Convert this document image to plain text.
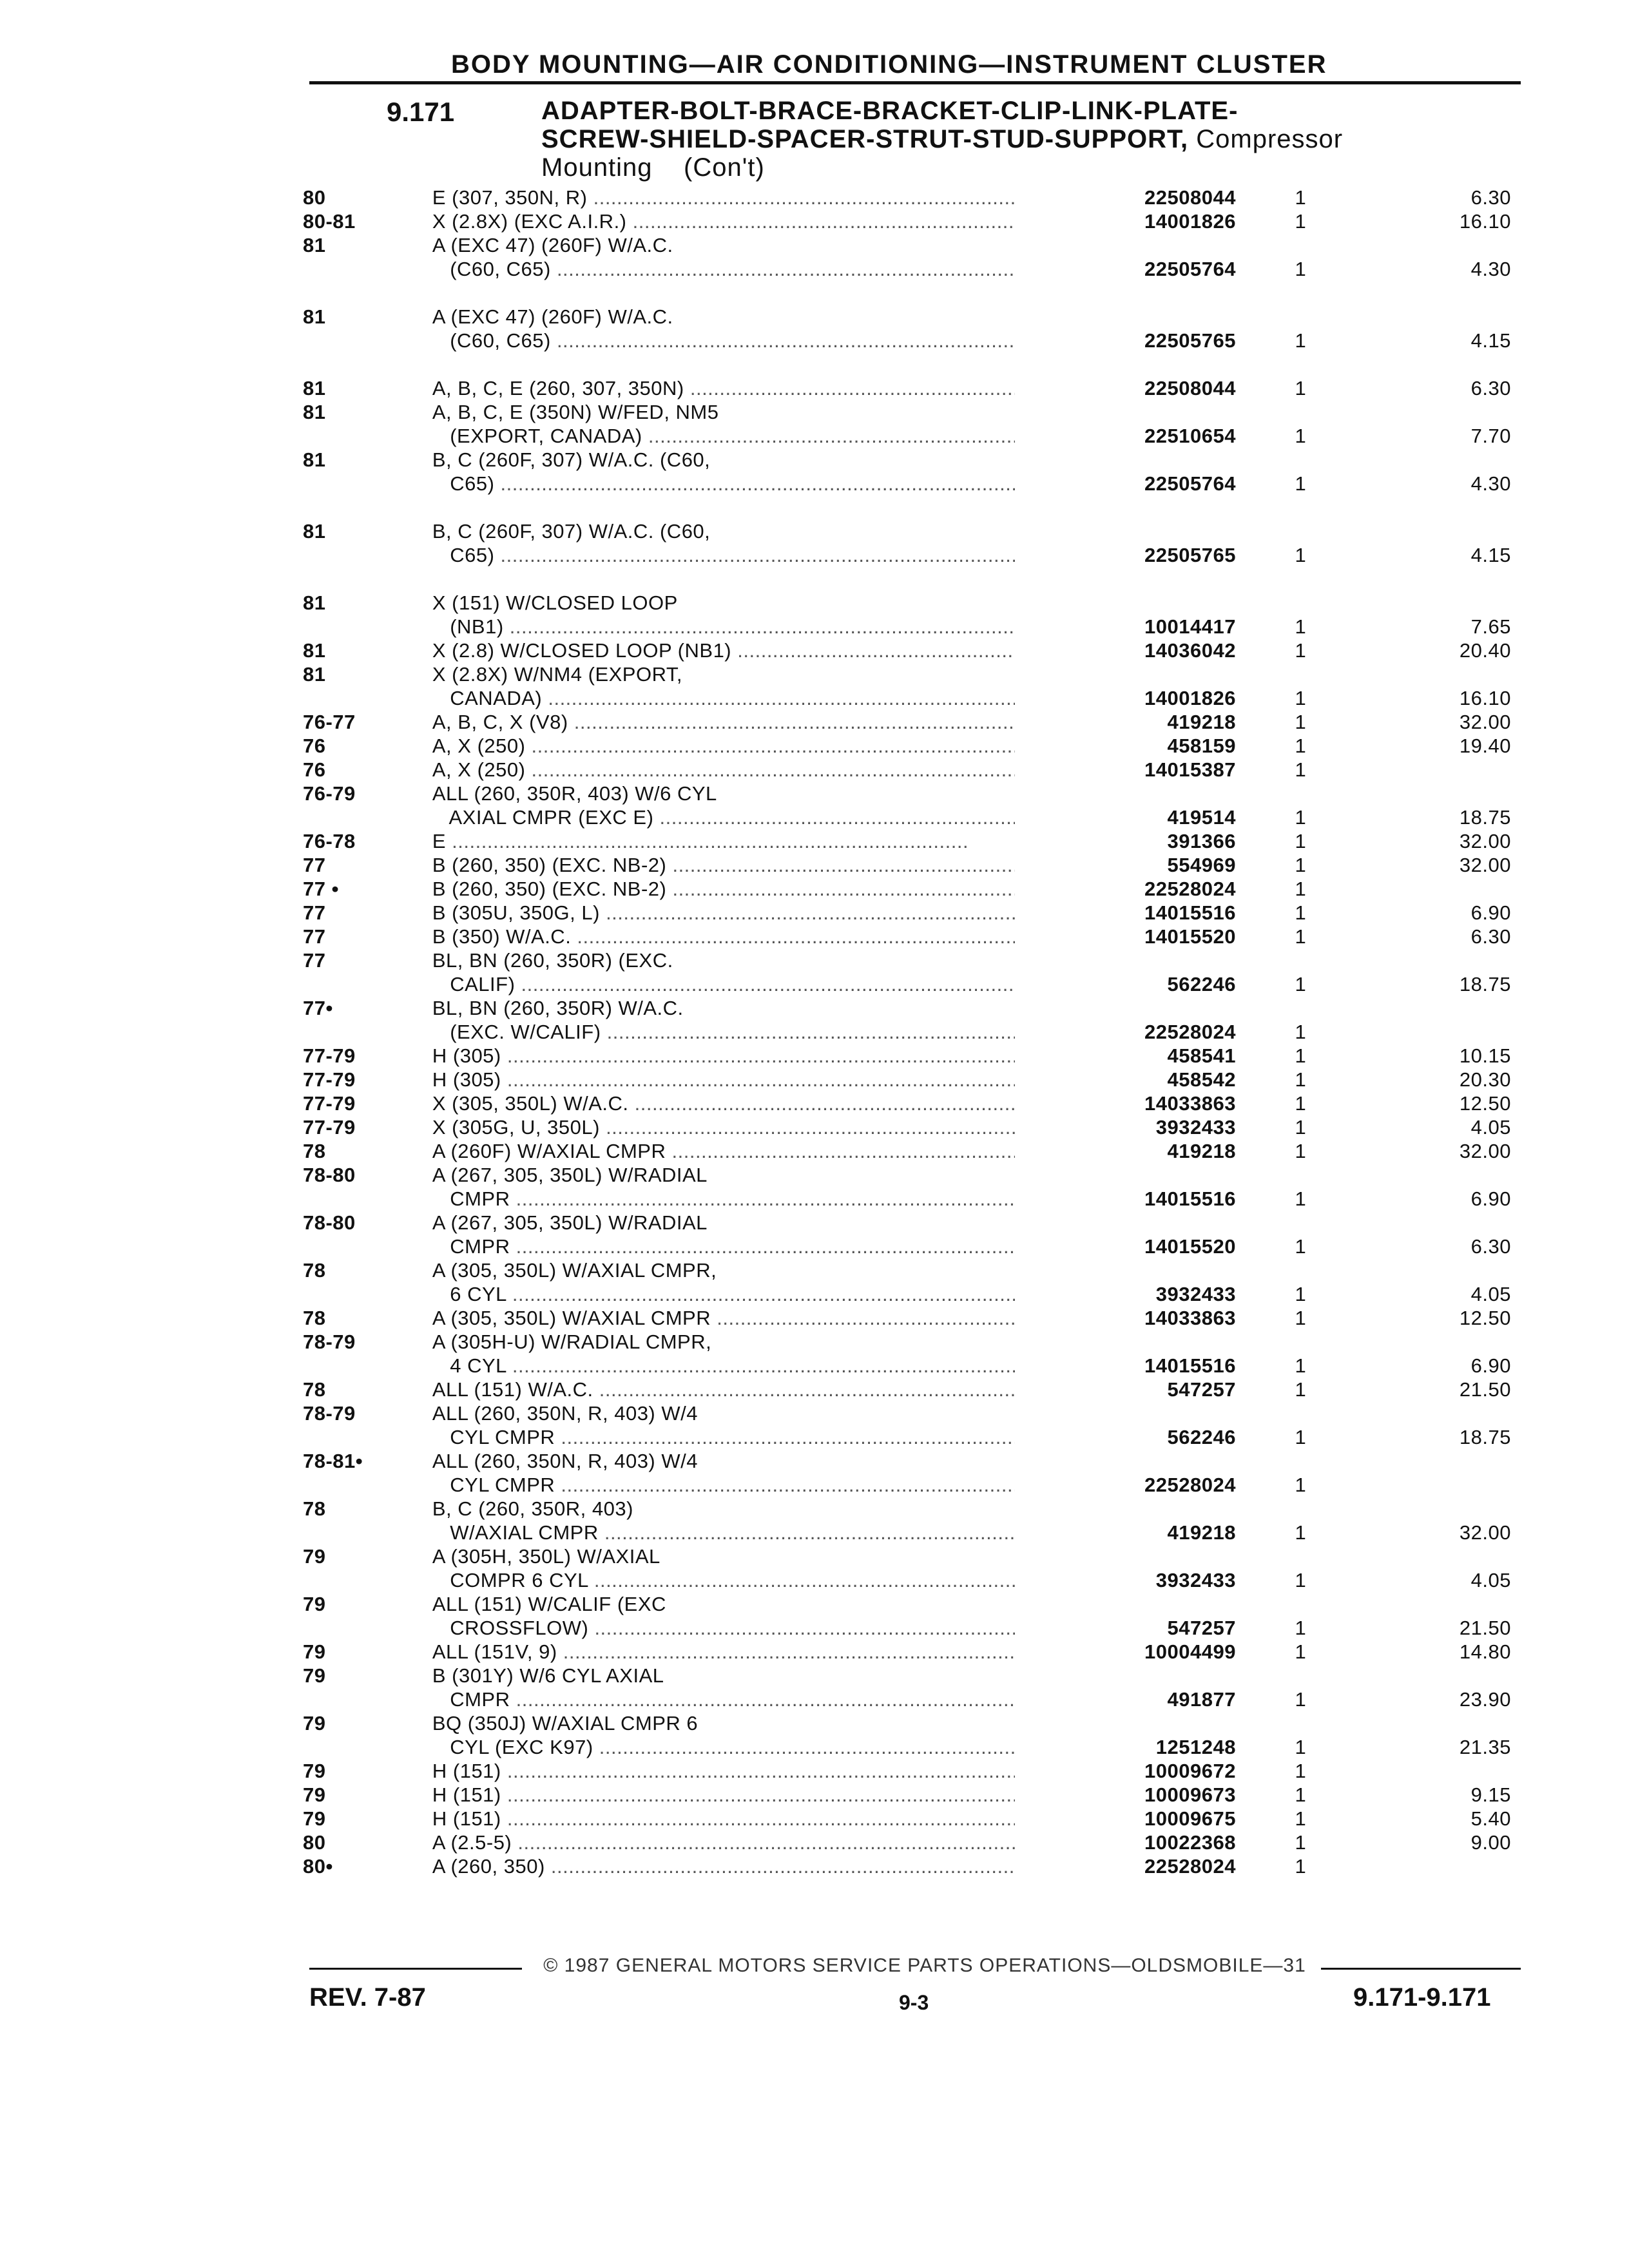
BODY MOUNTING—AIR CONDITIONING—INSTRUMENT CLUSTER
9.171	ADAPTER-BOLT-BRACE-BRACKET-CLIP-LINK-PLATE-
SCREW-SHIELD-SPACER-STRUT-STUD-SUPPORT, Compressor
Mounting    (Con't)
80	E (307, 350N, R) .....	22508044	1	6.30	
80-81	X (2.8X) (EXC A.I.R.) .....	14001826	1	16.10	
81	A (EXC 47) (260F) W/A.C.				
	(C60, C65) .....	22505764	1	4.30	

81	A (EXC 47) (260F) W/A.C.				
	(C60, C65) .....	22505765	1	4.15	

81	A, B, C, E (260, 307, 350N) .....	22508044	1	6.30	
81	A, B, C, E (350N) W/FED, NM5				
	(EXPORT, CANADA) .....	22510654	1	7.70	
81	B, C (260F, 307) W/A.C. (C60,				
	C65) .....	22505764	1	4.30	

81	B, C (260F, 307) W/A.C. (C60,				
	C65) .....	22505765	1	4.15	

81	X (151) W/CLOSED LOOP				
	(NB1) .....	10014417	1	7.65	
81	X (2.8) W/CLOSED LOOP (NB1) .....	14036042	1	20.40	
81	X (2.8X) W/NM4 (EXPORT,				
	CANADA) .....	14001826	1	16.10	
76-77	A, B, C, X (V8) .....	419218	1	32.00	
76	A, X (250) .....	458159	1	19.40	
76	A, X (250) .....	14015387	1		
76-79	ALL (260, 350R, 403) W/6 CYL				
	AXIAL CMPR (EXC E) .....	419514	1	18.75	
76-78	E .....	391366	1	32.00	
77	B (260, 350) (EXC. NB-2) .....	554969	1	32.00	
77 •	B (260, 350) (EXC. NB-2) .....	22528024	1		
77	B (305U, 350G, L) .....	14015516	1	6.90	
77	B (350) W/A.C. .....	14015520	1	6.30	
77	BL, BN (260, 350R) (EXC.				
	CALIF) .....	562246	1	18.75	
77•	BL, BN (260, 350R) W/A.C.				
	(EXC. W/CALIF) .....	22528024	1		
77-79	H (305) .....	458541	1	10.15	
77-79	H (305) .....	458542	1	20.30	
77-79	X (305, 350L) W/A.C. .....	14033863	1	12.50	
77-79	X (305G, U, 350L) .....	3932433	1	4.05	
78	A (260F) W/AXIAL CMPR .....	419218	1	32.00	
78-80	A (267, 305, 350L) W/RADIAL				
	CMPR .....	14015516	1	6.90	
78-80	A (267, 305, 350L) W/RADIAL				
	CMPR .....	14015520	1	6.30	
78	A (305, 350L) W/AXIAL CMPR,				
	6 CYL .....	3932433	1	4.05	
78	A (305, 350L) W/AXIAL CMPR .....	14033863	1	12.50	
78-79	A (305H-U) W/RADIAL CMPR,				
	4 CYL .....	14015516	1	6.90	
78	ALL (151) W/A.C. .....	547257	1	21.50	
78-79	ALL (260, 350N, R, 403) W/4				
	CYL CMPR .....	562246	1	18.75	
78-81•	ALL (260, 350N, R, 403) W/4				
	CYL CMPR .....	22528024	1		
78	B, C (260, 350R, 403)				
	W/AXIAL CMPR .....	419218	1	32.00	
79	A (305H, 350L) W/AXIAL				
	COMPR 6 CYL .....	3932433	1	4.05	
79	ALL (151) W/CALIF (EXC				
	CROSSFLOW) .....	547257	1	21.50	
79	ALL (151V, 9) .....	10004499	1	14.80	
79	B (301Y) W/6 CYL AXIAL				
	CMPR .....	491877	1	23.90	
79	BQ (350J) W/AXIAL CMPR 6				
	CYL (EXC K97) .....	1251248	1	21.35	
79	H (151) .....	10009672	1		
79	H (151) .....	10009673	1	9.15	
79	H (151) .....	10009675	1	5.40	
80	A (2.5-5) .....	10022368	1	9.00	
80•	A (260, 350) .....	22528024	1		
© 1987 GENERAL MOTORS SERVICE PARTS OPERATIONS—OLDSMOBILE—31
REV. 7-87	9-3	9.171-9.171
